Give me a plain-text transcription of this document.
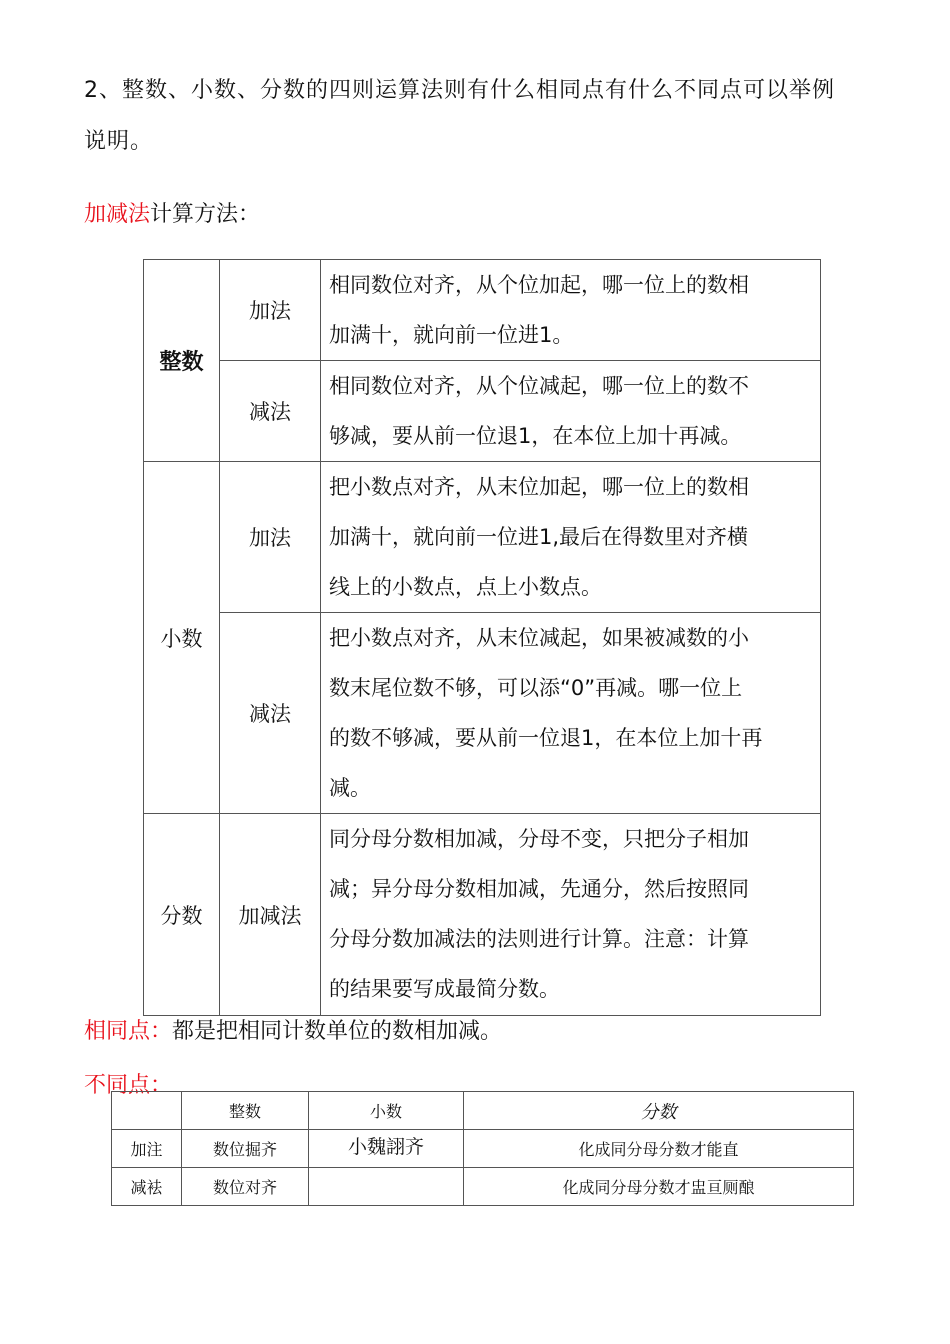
2、整数、小数、分数的四则运算法则有什么相同点有什么不同点可以举例
说明。
加减法计算方法：
整数	加法	相同数位对齐，从个位加起，哪一位上的数相
加满十，就向前一位进1。

	减法	相同数位对齐，从个位减起，哪一位上的数不
够减，要从前一位退1，在本位上加十再减。

小数	加法	把小数点对齐，从末位加起，哪一位上的数相
加满十，就向前一位进1,最后在得数里对齐横
线上的小数点，点上小数点。

	减法	把小数点对齐，从末位减起，如果被减数的小
数末尾位数不够，可以添“0”再减。哪一位上
的数不够减，要从前一位退1，在本位上加十再
减。

分数	加减法	同分母分数相加减，分母不变，只把分子相加
减；异分母分数相加减，先通分，然后按照同
分母分数加减法的法则进行计算。注意：计算
的结果要写成最简分数。
相同点：都是把相同计数单位的数相加减。
不同点：
	整数	小数	分数
加注	数位掘齐	小魏詡齐	化成同分母分数才能直
减袪	数位对齐		化成同分母分数才盅亘厕酿
